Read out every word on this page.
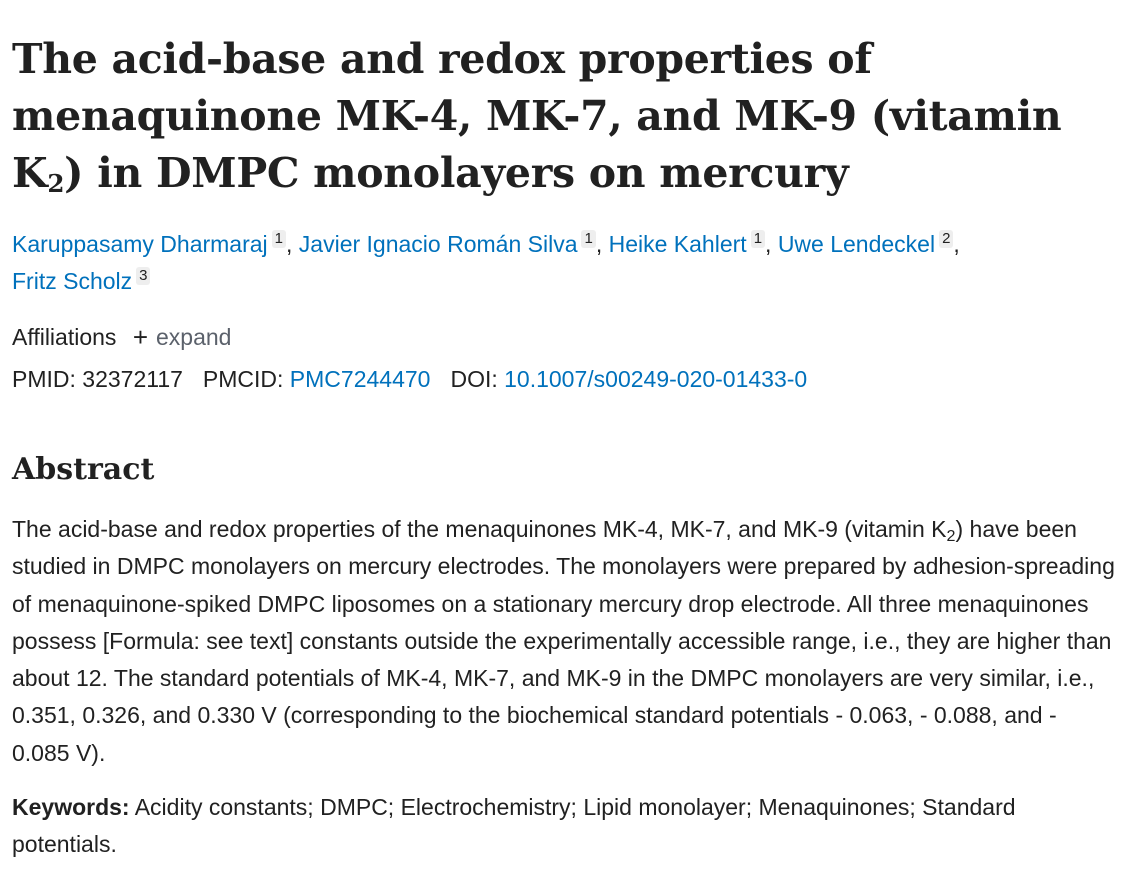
The acid-base and redox properties of menaquinone MK-4, MK-7, and MK-9 (vitamin $K_2$) in DMPC monolayers on mercury
Karuppasamy Dharmaraj 1 , Javier Ignacio Román Silva 1 , Heike Kahlert 1 , Uwe Lendeckel 2 ,
Fritz Scholz 3
Affiliations + expand
PMID: 32372117 PMCID: PMC7244470 DOI: 10.1007/s00249-020-01433-0
Abstract

The acid-base and redox properties of the menaquinones MK-4, MK-7, and MK-9 (vitamin $K_2$) have been studied in DMPC monolayers on mercury electrodes. The monolayers were prepared by adhesion-spreading of menaquinone-spiked DMPC liposomes on a stationary mercury drop electrode. All three menaquinones possess [Formula: see text] constants outside the experimentally accessible range, i.e., they are higher than about 12. The standard potentials of MK-4, MK-7, and MK-9 in the DMPC monolayers are very similar, i.e., 0.351, 0.326, and 0.330 V (corresponding to the biochemical standard potentials - 0.063, - 0.088, and - 0.085 V).

Keywords: Acidity constants; DMPC; Electrochemistry; Lipid monolayer; Menaquinones; Standard potentials.
